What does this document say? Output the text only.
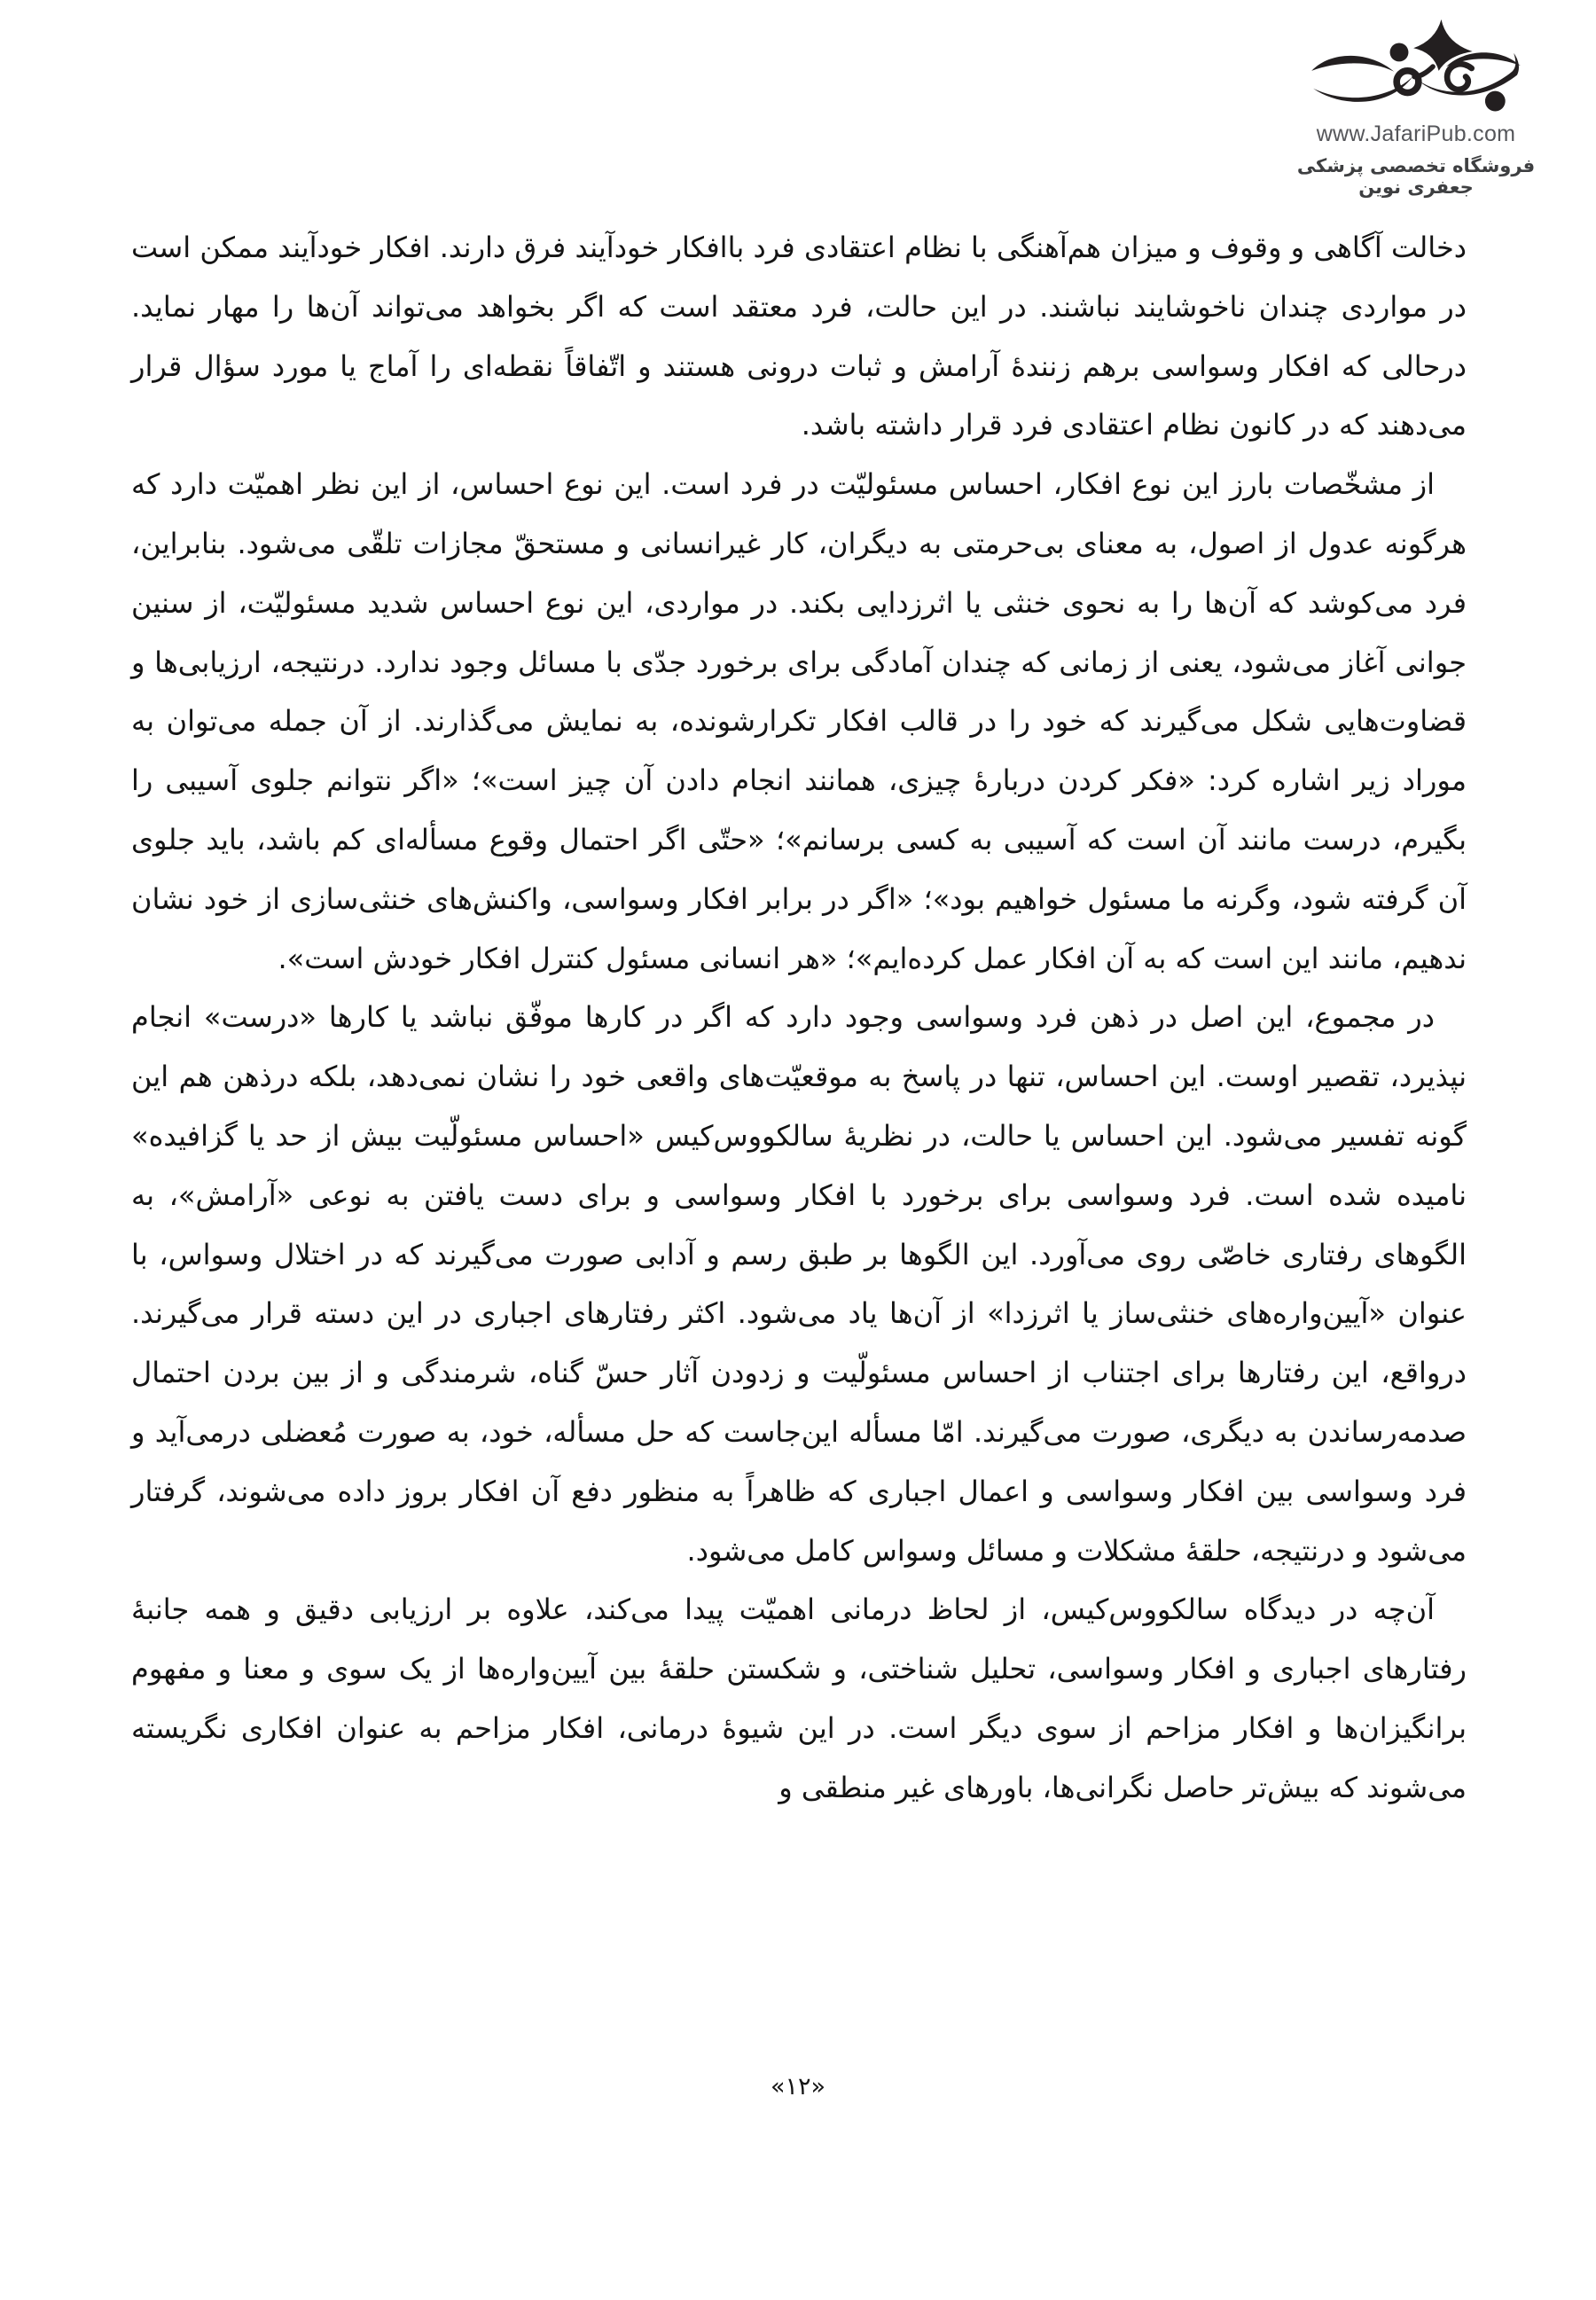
www.JafariPub.com
فروشگاه تخصصی پزشکی جعفری نوین

دخالت آگاهی و وقوف و میزان هم‌آهنگی با نظام اعتقادی فرد باافکار خودآیند فرق دارند. افکار خودآیند ممکن است در مواردی چندان ناخوشایند نباشند. در این حالت، فرد معتقد است که اگر بخواهد می‌تواند آن‌ها را مهار نماید. درحالی که افکار وسواسی برهم زنندهٔ آرامش و ثبات درونی هستند و اتّفاقاً نقطه‌ای را آماج یا مورد سؤال قرار می‌دهند که در کانون نظام اعتقادی فرد قرار داشته باشد.

از مشخّصات بارز این نوع افکار، احساس مسئولیّت در فرد است. این نوع احساس، از این نظر اهمیّت دارد که هرگونه عدول از اصول، به معنای بی‌حرمتی به دیگران، کار غیرانسانی و مستحقّ مجازات تلقّی می‌شود. بنابراین، فرد می‌کوشد که آن‌ها را به نحوی خنثی یا اثرزدایی بکند. در مواردی، این نوع احساس شدید مسئولیّت، از سنین جوانی آغاز می‌شود، یعنی از زمانی که چندان آمادگی برای برخورد جدّی با مسائل وجود ندارد. درنتیجه، ارزیابی‌ها و قضاوت‌هایی شکل می‌گیرند که خود را در قالب افکار تکرارشونده، به نمایش می‌گذارند. از آن جمله می‌توان به موراد زیر اشاره کرد: «فکر کردن دربارهٔ چیزی، همانند انجام دادن آن چیز است»؛ «اگر نتوانم جلوی آسیبی را بگیرم، درست مانند آن است که آسیبی به کسی برسانم»؛ «حتّی اگر احتمال وقوع مسأله‌ای کم باشد، باید جلوی آن گرفته شود، وگرنه ما مسئول خواهیم بود»؛ «اگر در برابر افکار وسواسی، واکنش‌های خنثی‌سازی از خود نشان ندهیم، مانند این است که به آن افکار عمل کرده‌ایم»؛ «هر انسانی مسئول کنترل افکار خودش است».

در مجموع، این اصل در ذهن فرد وسواسی وجود دارد که اگر در کارها موفّق نباشد یا کارها «درست» انجام نپذیرد، تقصیر اوست. این احساس، تنها در پاسخ به موقعیّت‌های واقعی خود را نشان نمی‌دهد، بلکه درذهن هم این گونه تفسیر می‌شود. این احساس یا حالت، در نظریهٔ سالکووس‌کیس «احساس مسئولّیت بیش از حد یا گزافیده» نامیده شده است. فرد وسواسی برای برخورد با افکار وسواسی و برای دست یافتن به نوعی «آرامش»، به الگوهای رفتاری خاصّی روی می‌آورد. این الگوها بر طبق رسم و آدابی صورت می‌گیرند که در اختلال وسواس، با عنوان «آیین‌واره‌های خنثی‌ساز یا اثرزدا» از آن‌ها یاد می‌شود. اکثر رفتارهای اجباری در این دسته قرار می‌گیرند. درواقع، این رفتارها برای اجتناب از احساس مسئولّیت و زدودن آثار حسّ گناه، شرمندگی و از بین بردن احتمال صدمه‌رساندن به دیگری، صورت می‌گیرند. امّا مسأله این‌جاست که حل مسأله، خود، به صورت مُعضلی درمی‌آید و فرد وسواسی بین افکار وسواسی و اعمال اجباری که ظاهراً به منظور دفع آن افکار بروز داده می‌شوند، گرفتار می‌شود و درنتیجه، حلقهٔ مشکلات و مسائل وسواس کامل می‌شود.

آن‌چه در دیدگاه سالکووس‌کیس، از لحاظ درمانی اهمیّت پیدا می‌کند، علاوه بر ارزیابی دقیق و همه جانبهٔ رفتارهای اجباری و افکار وسواسی، تحلیل شناختی، و شکستن حلقهٔ بین آیین‌واره‌ها از یک سوی و معنا و مفهوم برانگیزان‌ها و افکار مزاحم از سوی دیگر است. در این شیوهٔ درمانی، افکار مزاحم به عنوان افکاری نگریسته می‌شوند که بیش‌تر حاصل نگرانی‌ها، باورهای غیر منطقی و

«۱۲»
